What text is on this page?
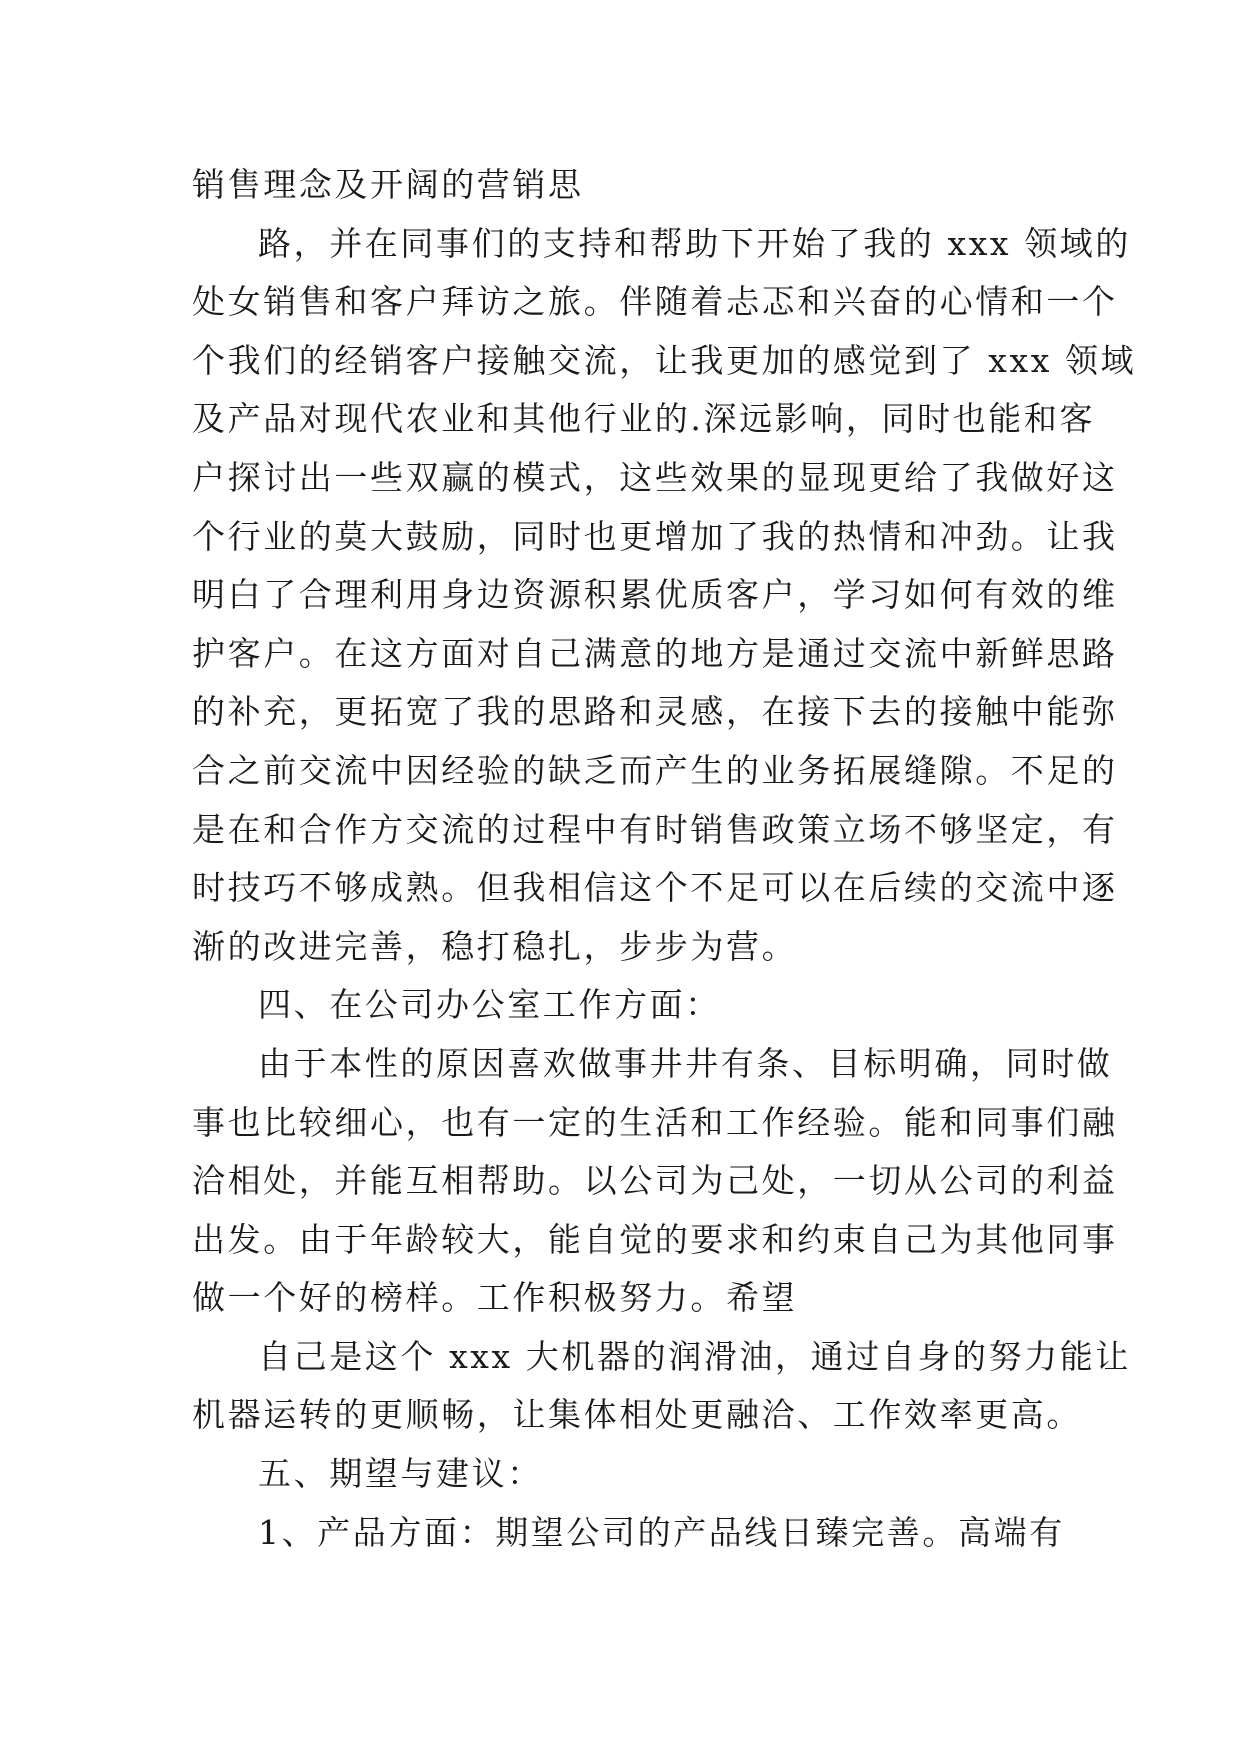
销售理念及开阔的营销思
路，并在同事们的支持和帮助下开始了我的 xxx 领域的
处女销售和客户拜访之旅。伴随着忐忑和兴奋的心情和一个
个我们的经销客户接触交流，让我更加的感觉到了 xxx 领域
及产品对现代农业和其他行业的.深远影响，同时也能和客
户探讨出一些双赢的模式，这些效果的显现更给了我做好这
个行业的莫大鼓励，同时也更增加了我的热情和冲劲。让我
明白了合理利用身边资源积累优质客户，学习如何有效的维
护客户。在这方面对自己满意的地方是通过交流中新鲜思路
的补充，更拓宽了我的思路和灵感，在接下去的接触中能弥
合之前交流中因经验的缺乏而产生的业务拓展缝隙。不足的
是在和合作方交流的过程中有时销售政策立场不够坚定，有
时技巧不够成熟。但我相信这个不足可以在后续的交流中逐
渐的改进完善，稳打稳扎，步步为营。
四、在公司办公室工作方面：
由于本性的原因喜欢做事井井有条、目标明确，同时做
事也比较细心，也有一定的生活和工作经验。能和同事们融
洽相处，并能互相帮助。以公司为己处，一切从公司的利益
出发。由于年龄较大，能自觉的要求和约束自己为其他同事
做一个好的榜样。工作积极努力。希望
自己是这个 xxx 大机器的润滑油，通过自身的努力能让
机器运转的更顺畅，让集体相处更融洽、工作效率更高。
五、期望与建议：
1、产品方面：期望公司的产品线日臻完善。高端有
